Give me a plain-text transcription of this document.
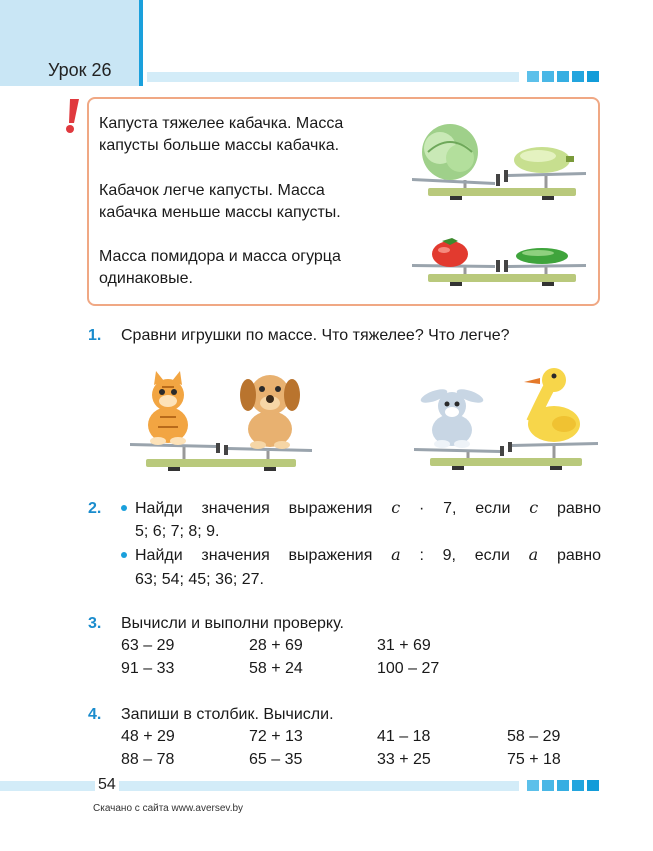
Урок 26
Капуста тяжелее кабачка. Масса
капусты больше массы кабачка.
Кабачок легче капусты. Масса
кабачка меньше массы капусты.
Масса помидора и масса огурца
одинаковые.
1. Сравни игрушки по массе. Что тяжелее? Что легче?
2. Найди значения выражения c · 7, если c равно
5; 6; 7; 8; 9.
Найди значения выражения a : 9, если a равно
63; 54; 45; 36; 27.
3. Вычисли и выполни проверку.
63 – 29	28 + 69	31 + 69
91 – 33	58 + 24	100 – 27
4. Запиши в столбик. Вычисли.
48 + 29	72 + 13	41 – 18	58 – 29
88 – 78	65 – 35	33 + 25	75 + 18
54
Скачано с сайта www.aversev.by
